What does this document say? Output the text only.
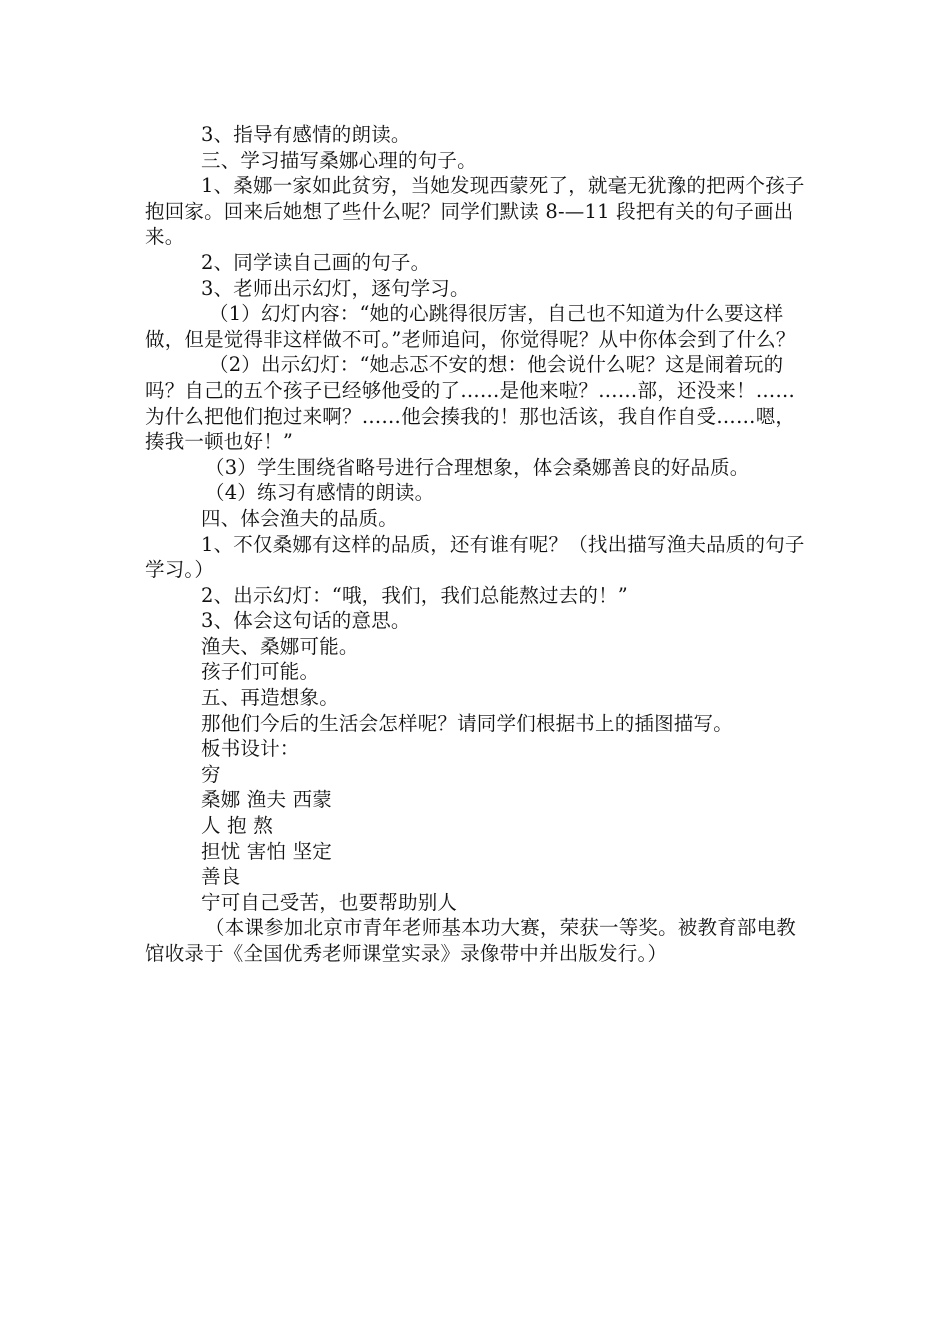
3、指导有感情的朗读。

三、学习描写桑娜心理的句子。

1、桑娜一家如此贫穷，当她发现西蒙死了，就毫无犹豫的把两个孩子抱回家。回来后她想了些什么呢？同学们默读 8-—11 段把有关的句子画出来。

2、同学读自己画的句子。

3、老师出示幻灯，逐句学习。

（1）幻灯内容：“她的心跳得很厉害，自己也不知道为什么要这样做，但是觉得非这样做不可。”老师追问，你觉得呢？从中你体会到了什么？

（2）出示幻灯：“她忐忑不安的想：他会说什么呢？这是闹着玩的吗？自己的五个孩子已经够他受的了……是他来啦？……部，还没来！……为什么把他们抱过来啊？……他会揍我的！那也活该，我自作自受……嗯，揍我一顿也好！”

（3）学生围绕省略号进行合理想象，体会桑娜善良的好品质。

（4）练习有感情的朗读。

四、体会渔夫的品质。

1、不仅桑娜有这样的品质，还有谁有呢？（找出描写渔夫品质的句子学习。）

2、出示幻灯：“哦，我们，我们总能熬过去的！”

3、体会这句话的意思。

渔夫、桑娜可能。

孩子们可能。

五、再造想象。

那他们今后的生活会怎样呢？请同学们根据书上的插图描写。

板书设计：

穷

桑娜 渔夫 西蒙

人 抱 熬

担忧 害怕 坚定

善良

宁可自己受苦，也要帮助别人

（本课参加北京市青年老师基本功大赛，荣获一等奖。被教育部电教馆收录于《全国优秀老师课堂实录》录像带中并出版发行。）
